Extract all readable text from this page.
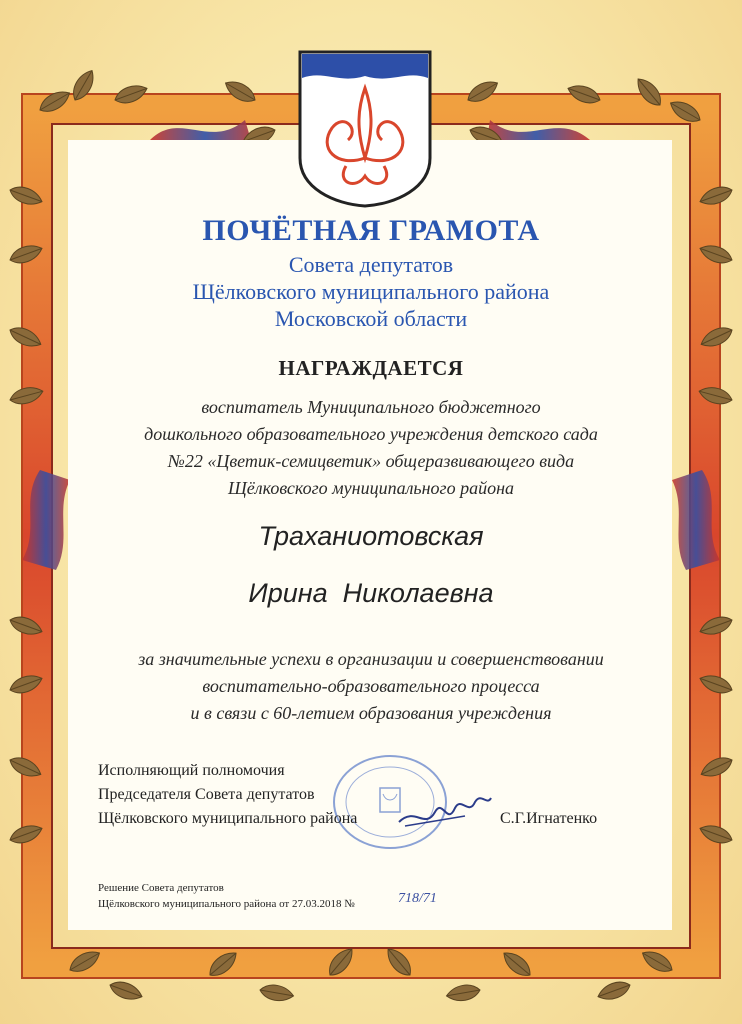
ПОЧЁТНАЯ ГРАМОТА

Совета депутатов

Щёлковского муниципального района

Московской области

НАГРАЖДАЕТСЯ

воспитатель Муниципального бюджетного

дошкольного образовательного учреждения детского сада

№22 «Цветик-семицветик» общеразвивающего вида

Щёлковского муниципального района

Траханиотовская

Ирина  Николаевна

за значительные успехи в организации и совершенствовании

воспитательно-образовательного процесса

и в связи с 60-летием образования учреждения

Исполняющий полномочия

Председателя Совета депутатов

Щёлковского муниципального района	С.Г.Игнатенко

Решение Совета депутатов

Щёлковского муниципального района от 27.03.2018 №	718/71
